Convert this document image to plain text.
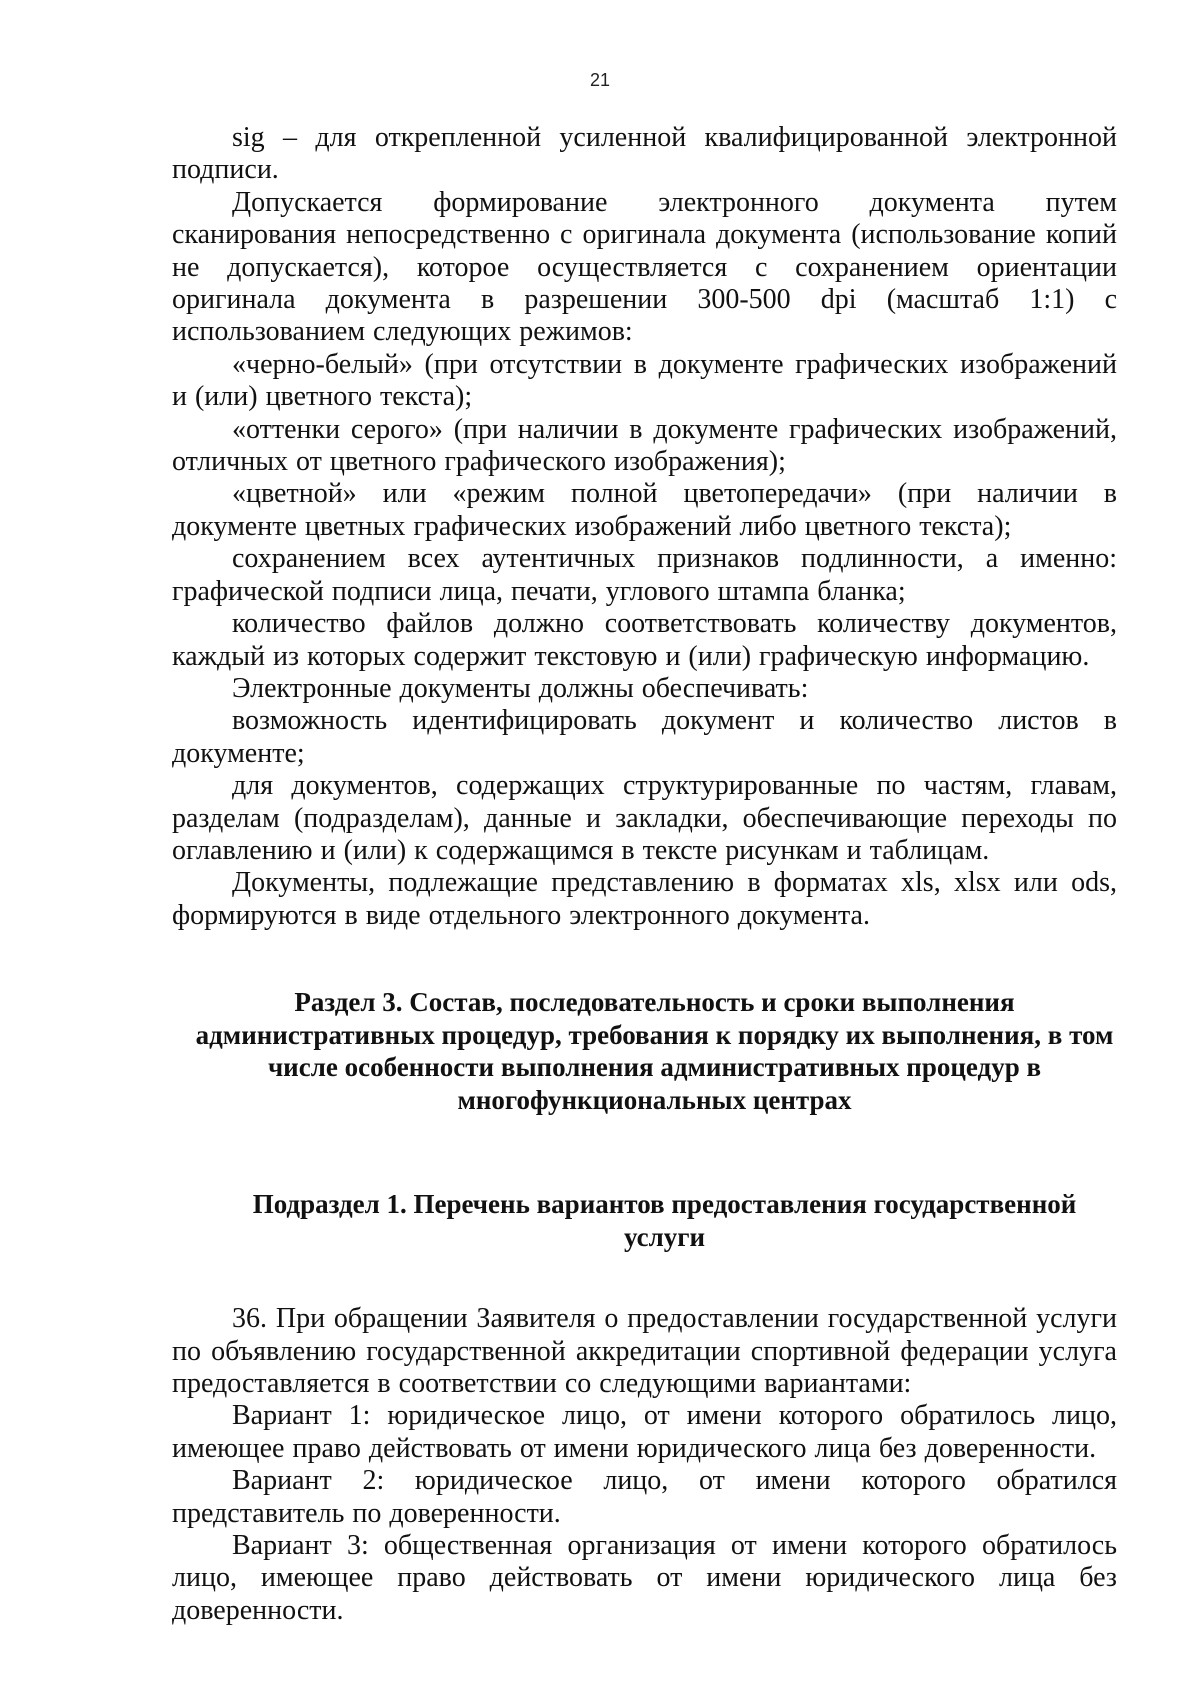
21

sig – для открепленной усиленной квалифицированной электронной подписи.

Допускается формирование электронного документа путем сканирования непосредственно с оригинала документа (использование копий не допускается), которое осуществляется с сохранением ориентации оригинала документа в разрешении 300-500 dpi (масштаб 1:1) с использованием следующих режимов:

«черно-белый» (при отсутствии в документе графических изображений и (или) цветного текста);

«оттенки серого» (при наличии в документе графических изображений, отличных от цветного графического изображения);

«цветной» или «режим полной цветопередачи» (при наличии в документе цветных графических изображений либо цветного текста);

сохранением всех аутентичных признаков подлинности, а именно: графической подписи лица, печати, углового штампа бланка;

количество файлов должно соответствовать количеству документов, каждый из которых содержит текстовую и (или) графическую информацию.

Электронные документы должны обеспечивать:

возможность идентифицировать документ и количество листов в документе;

для документов, содержащих структурированные по частям, главам, разделам (подразделам), данные и закладки, обеспечивающие переходы по оглавлению и (или) к содержащимся в тексте рисункам и таблицам.

Документы, подлежащие представлению в форматах xls, xlsx или ods, формируются в виде отдельного электронного документа.

Раздел 3. Состав, последовательность и сроки выполнения административных процедур, требования к порядку их выполнения, в том числе особенности выполнения административных процедур в многофункциональных центрах
Подраздел 1. Перечень вариантов предоставления государственной услуги

36. При обращении Заявителя о предоставлении государственной услуги по объявлению государственной аккредитации спортивной федерации услуга предоставляется в соответствии со следующими вариантами:

Вариант 1: юридическое лицо, от имени которого обратилось лицо, имеющее право действовать от имени юридического лица без доверенности.

Вариант 2: юридическое лицо, от имени которого обратился представитель по доверенности.

Вариант 3: общественная организация от имени которого обратилось лицо, имеющее право действовать от имени юридического лица без доверенности.
